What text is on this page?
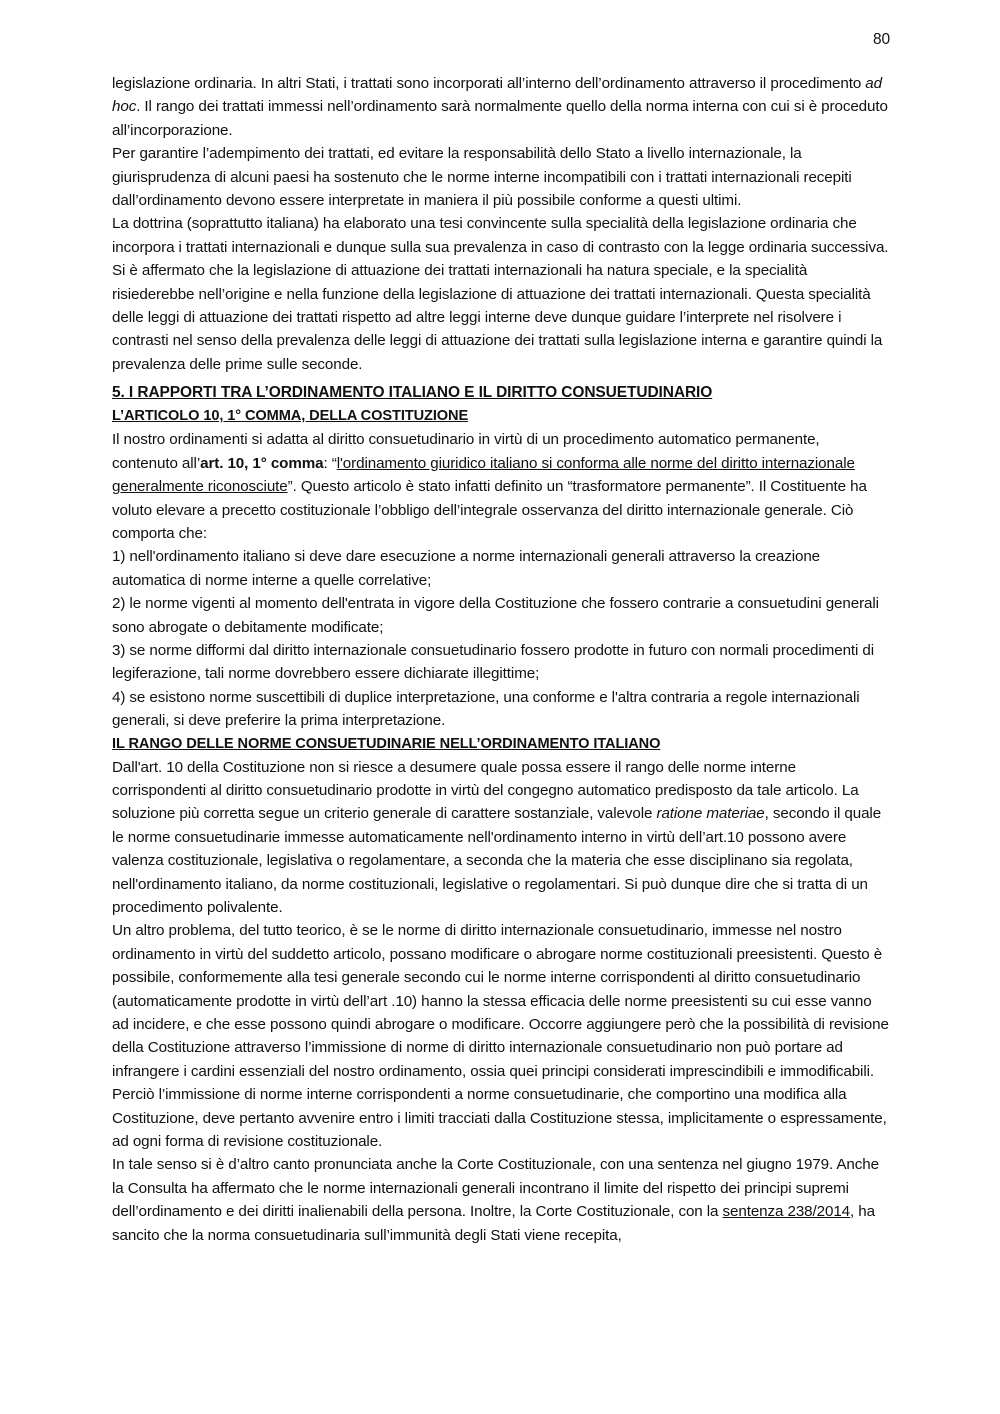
80

legislazione ordinaria. In altri Stati, i trattati sono incorporati all’interno dell’ordinamento attraverso il procedimento ad hoc. Il rango dei trattati immessi nell’ordinamento sarà normalmente quello della norma interna con cui si è proceduto all’incorporazione.

Per garantire l’adempimento dei trattati, ed evitare la responsabilità dello Stato a livello internazionale, la giurisprudenza di alcuni paesi ha sostenuto che le norme interne incompatibili con i trattati internazionali recepiti dall’ordinamento devono essere interpretate in maniera il più possibile conforme a questi ultimi.

La dottrina (soprattutto italiana) ha elaborato una tesi convincente sulla specialità della legislazione ordinaria che incorpora i trattati internazionali e dunque sulla sua prevalenza in caso di contrasto con la legge ordinaria successiva. Si è affermato che la legislazione di attuazione dei trattati internazionali ha natura speciale, e la specialità risiederebbe nell’origine e nella funzione della legislazione di attuazione dei trattati internazionali. Questa specialità delle leggi di attuazione dei trattati rispetto ad altre leggi interne deve dunque guidare l’interprete nel risolvere i contrasti nel senso della prevalenza delle leggi di attuazione dei trattati sulla legislazione interna e garantire quindi la prevalenza delle prime sulle seconde.

5. I RAPPORTI TRA L’ORDINAMENTO ITALIANO E IL DIRITTO CONSUETUDINARIO
L’ARTICOLO 10, 1° COMMA, DELLA COSTITUZIONE

Il nostro ordinamenti si adatta al diritto consuetudinario in virtù di un procedimento automatico permanente, contenuto all’art. 10, 1° comma: “l'ordinamento giuridico italiano si conforma alle norme del diritto internazionale generalmente riconosciute”. Questo articolo è stato infatti definito un “trasformatore permanente”. Il Costituente ha voluto elevare a precetto costituzionale l’obbligo dell’integrale osservanza del diritto internazionale generale. Ciò comporta che:

1) nell'ordinamento italiano si deve dare esecuzione a norme internazionali generali attraverso la creazione automatica di norme interne a quelle correlative;

2) le norme vigenti al momento dell'entrata in vigore della Costituzione che fossero contrarie a consuetudini generali sono abrogate o debitamente modificate;

3) se norme difformi dal diritto internazionale consuetudinario fossero prodotte in futuro con normali procedimenti di legiferazione, tali norme dovrebbero essere dichiarate illegittime;

4) se esistono norme suscettibili di duplice interpretazione, una conforme e l'altra contraria a regole internazionali generali, si deve preferire la prima interpretazione.

IL RANGO DELLE NORME CONSUETUDINARIE NELL’ORDINAMENTO ITALIANO

Dall'art. 10 della Costituzione non si riesce a desumere quale possa essere il rango delle norme interne corrispondenti al diritto consuetudinario prodotte in virtù del congegno automatico predisposto da tale articolo. La soluzione più corretta segue un criterio generale di carattere sostanziale, valevole ratione materiae, secondo il quale le norme consuetudinarie immesse automaticamente nell'ordinamento interno in virtù dell’art.10 possono avere valenza costituzionale, legislativa o regolamentare, a seconda che la materia che esse disciplinano sia regolata, nell'ordinamento italiano, da norme costituzionali, legislative o regolamentari. Si può dunque dire che si tratta di un procedimento polivalente.

Un altro problema, del tutto teorico, è se le norme di diritto internazionale consuetudinario, immesse nel nostro ordinamento in virtù del suddetto articolo, possano modificare o abrogare norme costituzionali preesistenti. Questo è possibile, conformemente alla tesi generale secondo cui le norme interne corrispondenti al diritto consuetudinario (automaticamente prodotte in virtù dell’art .10) hanno la stessa efficacia delle norme preesistenti su cui esse vanno ad incidere, e che esse possono quindi abrogare o modificare. Occorre aggiungere però che la possibilità di revisione della Costituzione attraverso l’immissione di norme di diritto internazionale consuetudinario non può portare ad infrangere i cardini essenziali del nostro ordinamento, ossia quei principi considerati imprescindibili e immodificabili. Perciò l’immissione di norme interne corrispondenti a norme consuetudinarie, che comportino una modifica alla Costituzione, deve pertanto avvenire entro i limiti tracciati dalla Costituzione stessa, implicitamente o espressamente, ad ogni forma di revisione costituzionale.

In tale senso si è d’altro canto pronunciata anche la Corte Costituzionale, con una sentenza nel giugno 1979. Anche la Consulta ha affermato che le norme internazionali generali incontrano il limite del rispetto dei principi supremi dell’ordinamento e dei diritti inalienabili della persona. Inoltre, la Corte Costituzionale, con la sentenza 238/2014, ha sancito che la norma consuetudinaria sull’immunità degli Stati viene recepita,
